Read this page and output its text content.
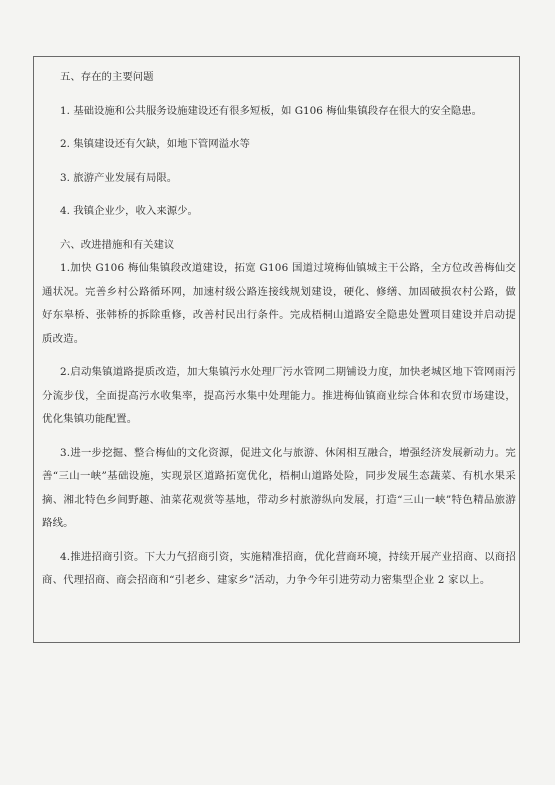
五、存在的主要问题

1. 基础设施和公共服务设施建设还有很多短板，如 G106 梅仙集镇段存在很大的安全隐患。

2. 集镇建设还有欠缺，如地下管网溢水等

3. 旅游产业发展有局限。

4. 我镇企业少，收入来源少。

六、改进措施和有关建议

1.加快 G106 梅仙集镇段改道建设，拓宽 G106 国道过境梅仙镇城主干公路，全方位改善梅仙交通状况。完善乡村公路循环网，加速村级公路连接线规划建设，硬化、修缮、加固破损农村公路，做好东皋桥、张韩桥的拆除重修，改善村民出行条件。完成梧桐山道路安全隐患处置项目建设并启动提质改造。

2.启动集镇道路提质改造，加大集镇污水处理厂污水管网二期铺设力度，加快老城区地下管网雨污分流步伐，全面提高污水收集率，提高污水集中处理能力。推进梅仙镇商业综合体和农贸市场建设，优化集镇功能配置。

3.进一步挖掘、整合梅仙的文化资源，促进文化与旅游、休闲相互融合，增强经济发展新动力。完善“三山一峡”基础设施，实现景区道路拓宽优化，梧桐山道路处险，同步发展生态蔬菜、有机水果采摘、湘北特色乡间野趣、油菜花观赏等基地，带动乡村旅游纵向发展，打造“三山一峡”特色精品旅游路线。

4.推进招商引资。下大力气招商引资，实施精准招商，优化营商环境，持续开展产业招商、以商招商、代理招商、商会招商和“引老乡、建家乡”活动，力争今年引进劳动力密集型企业 2 家以上。
